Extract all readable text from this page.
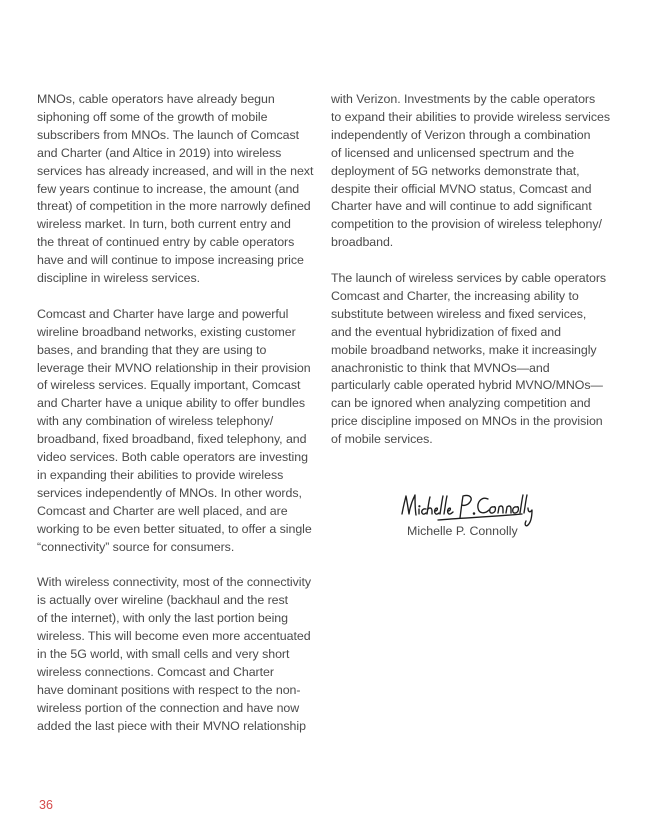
MNOs, cable operators have already begun
siphoning off some of the growth of mobile
subscribers from MNOs. The launch of Comcast
and Charter (and Altice in 2019) into wireless
services has already increased, and will in the next
few years continue to increase, the amount (and
threat) of competition in the more narrowly defined
wireless market. In turn, both current entry and
the threat of continued entry by cable operators
have and will continue to impose increasing price
discipline in wireless services.

Comcast and Charter have large and powerful
wireline broadband networks, existing customer
bases, and branding that they are using to
leverage their MVNO relationship in their provision
of wireless services. Equally important, Comcast
and Charter have a unique ability to offer bundles
with any combination of wireless telephony/
broadband, fixed broadband, fixed telephony, and
video services. Both cable operators are investing
in expanding their abilities to provide wireless
services independently of MNOs. In other words,
Comcast and Charter are well placed, and are
working to be even better situated, to offer a single
“connectivity” source for consumers.

With wireless connectivity, most of the connectivity
is actually over wireline (backhaul and the rest
of the internet), with only the last portion being
wireless. This will become even more accentuated
in the 5G world, with small cells and very short
wireless connections. Comcast and Charter
have dominant positions with respect to the non-
wireless portion of the connection and have now
added the last piece with their MVNO relationship

with Verizon. Investments by the cable operators
to expand their abilities to provide wireless services
independently of Verizon through a combination
of licensed and unlicensed spectrum and the
deployment of 5G networks demonstrate that,
despite their official MVNO status, Comcast and
Charter have and will continue to add significant
competition to the provision of wireless telephony/
broadband.

The launch of wireless services by cable operators
Comcast and Charter, the increasing ability to
substitute between wireless and fixed services,
and the eventual hybridization of fixed and
mobile broadband networks, make it increasingly
anachronistic to think that MVNOs—and
particularly cable operated hybrid MVNO/MNOs—
can be ignored when analyzing competition and
price discipline imposed on MNOs in the provision
of mobile services.

Michelle P. Connolly
36
